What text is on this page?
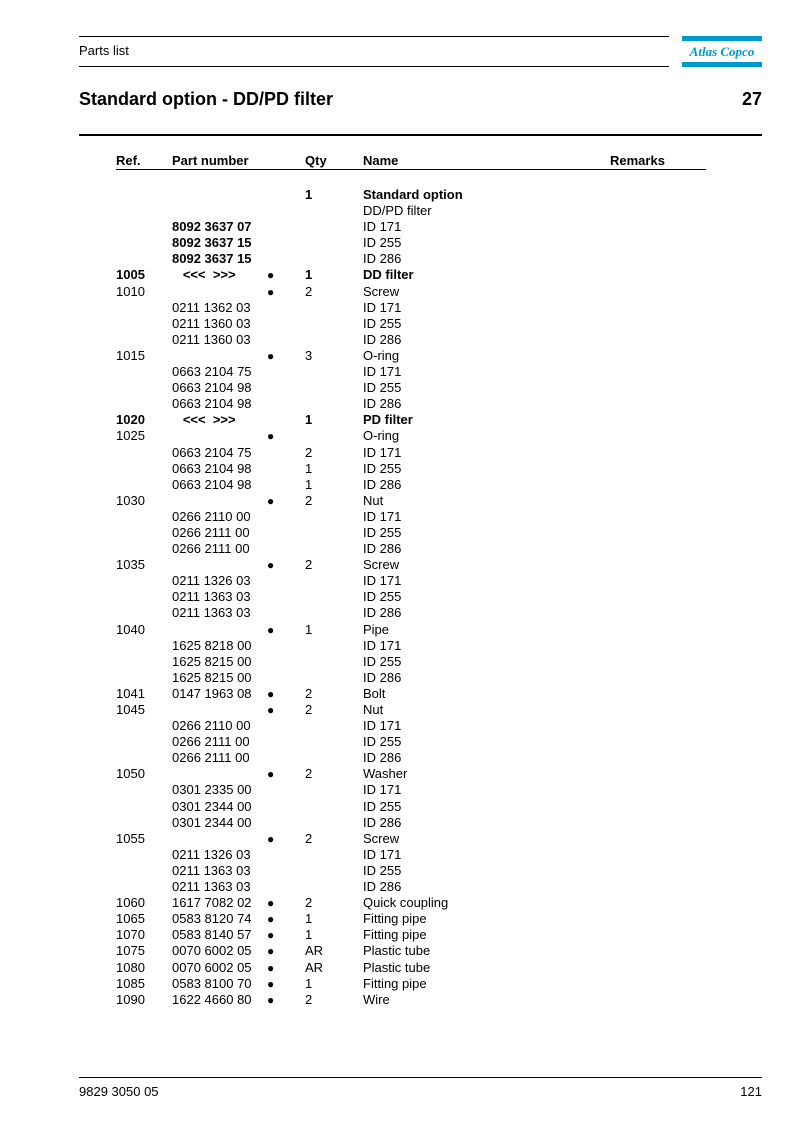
Parts list	Atlas Copco
Standard option - DD/PD filter	27
Ref. Part number	Qty	Name	Remarks
1	Standard option
DD/PD filter
8092 3637 07	ID 171
8092 3637 15	ID 255
8092 3637 15	ID 286
1005 <<<  >>>	● 1	DD filter
1010	● 2	Screw
0211 1362 03	ID 171
0211 1360 03	ID 255
0211 1360 03	ID 286
1015	● 3	O-ring
0663 2104 75	ID 171
0663 2104 98	ID 255
0663 2104 98	ID 286
1020 <<<  >>>	1	PD filter
1025	●	O-ring
0663 2104 75	2	ID 171
0663 2104 98	1	ID 255
0663 2104 98	1	ID 286
1030	● 2	Nut
0266 2110 00	ID 171
0266 2111 00	ID 255
0266 2111 00	ID 286
1035	● 2	Screw
0211 1326 03	ID 171
0211 1363 03	ID 255
0211 1363 03	ID 286
1040	● 1	Pipe
1625 8218 00	ID 171
1625 8215 00	ID 255
1625 8215 00	ID 286
1041 0147 1963 08 ● 2	Bolt
1045	● 2	Nut
0266 2110 00	ID 171
0266 2111 00	ID 255
0266 2111 00	ID 286
1050	● 2	Washer
0301 2335 00	ID 171
0301 2344 00	ID 255
0301 2344 00	ID 286
1055	● 2	Screw
0211 1326 03	ID 171
0211 1363 03	ID 255
0211 1363 03	ID 286
1060 1617 7082 02 ● 2	Quick coupling
1065 0583 8120 74 ● 1	Fitting pipe
1070 0583 8140 57 ● 1	Fitting pipe
1075 0070 6002 05 ● AR	Plastic tube
1080 0070 6002 05 ● AR	Plastic tube
1085 0583 8100 70 ● 1	Fitting pipe
1090 1622 4660 80 ● 2	Wire
9829 3050 05	121
